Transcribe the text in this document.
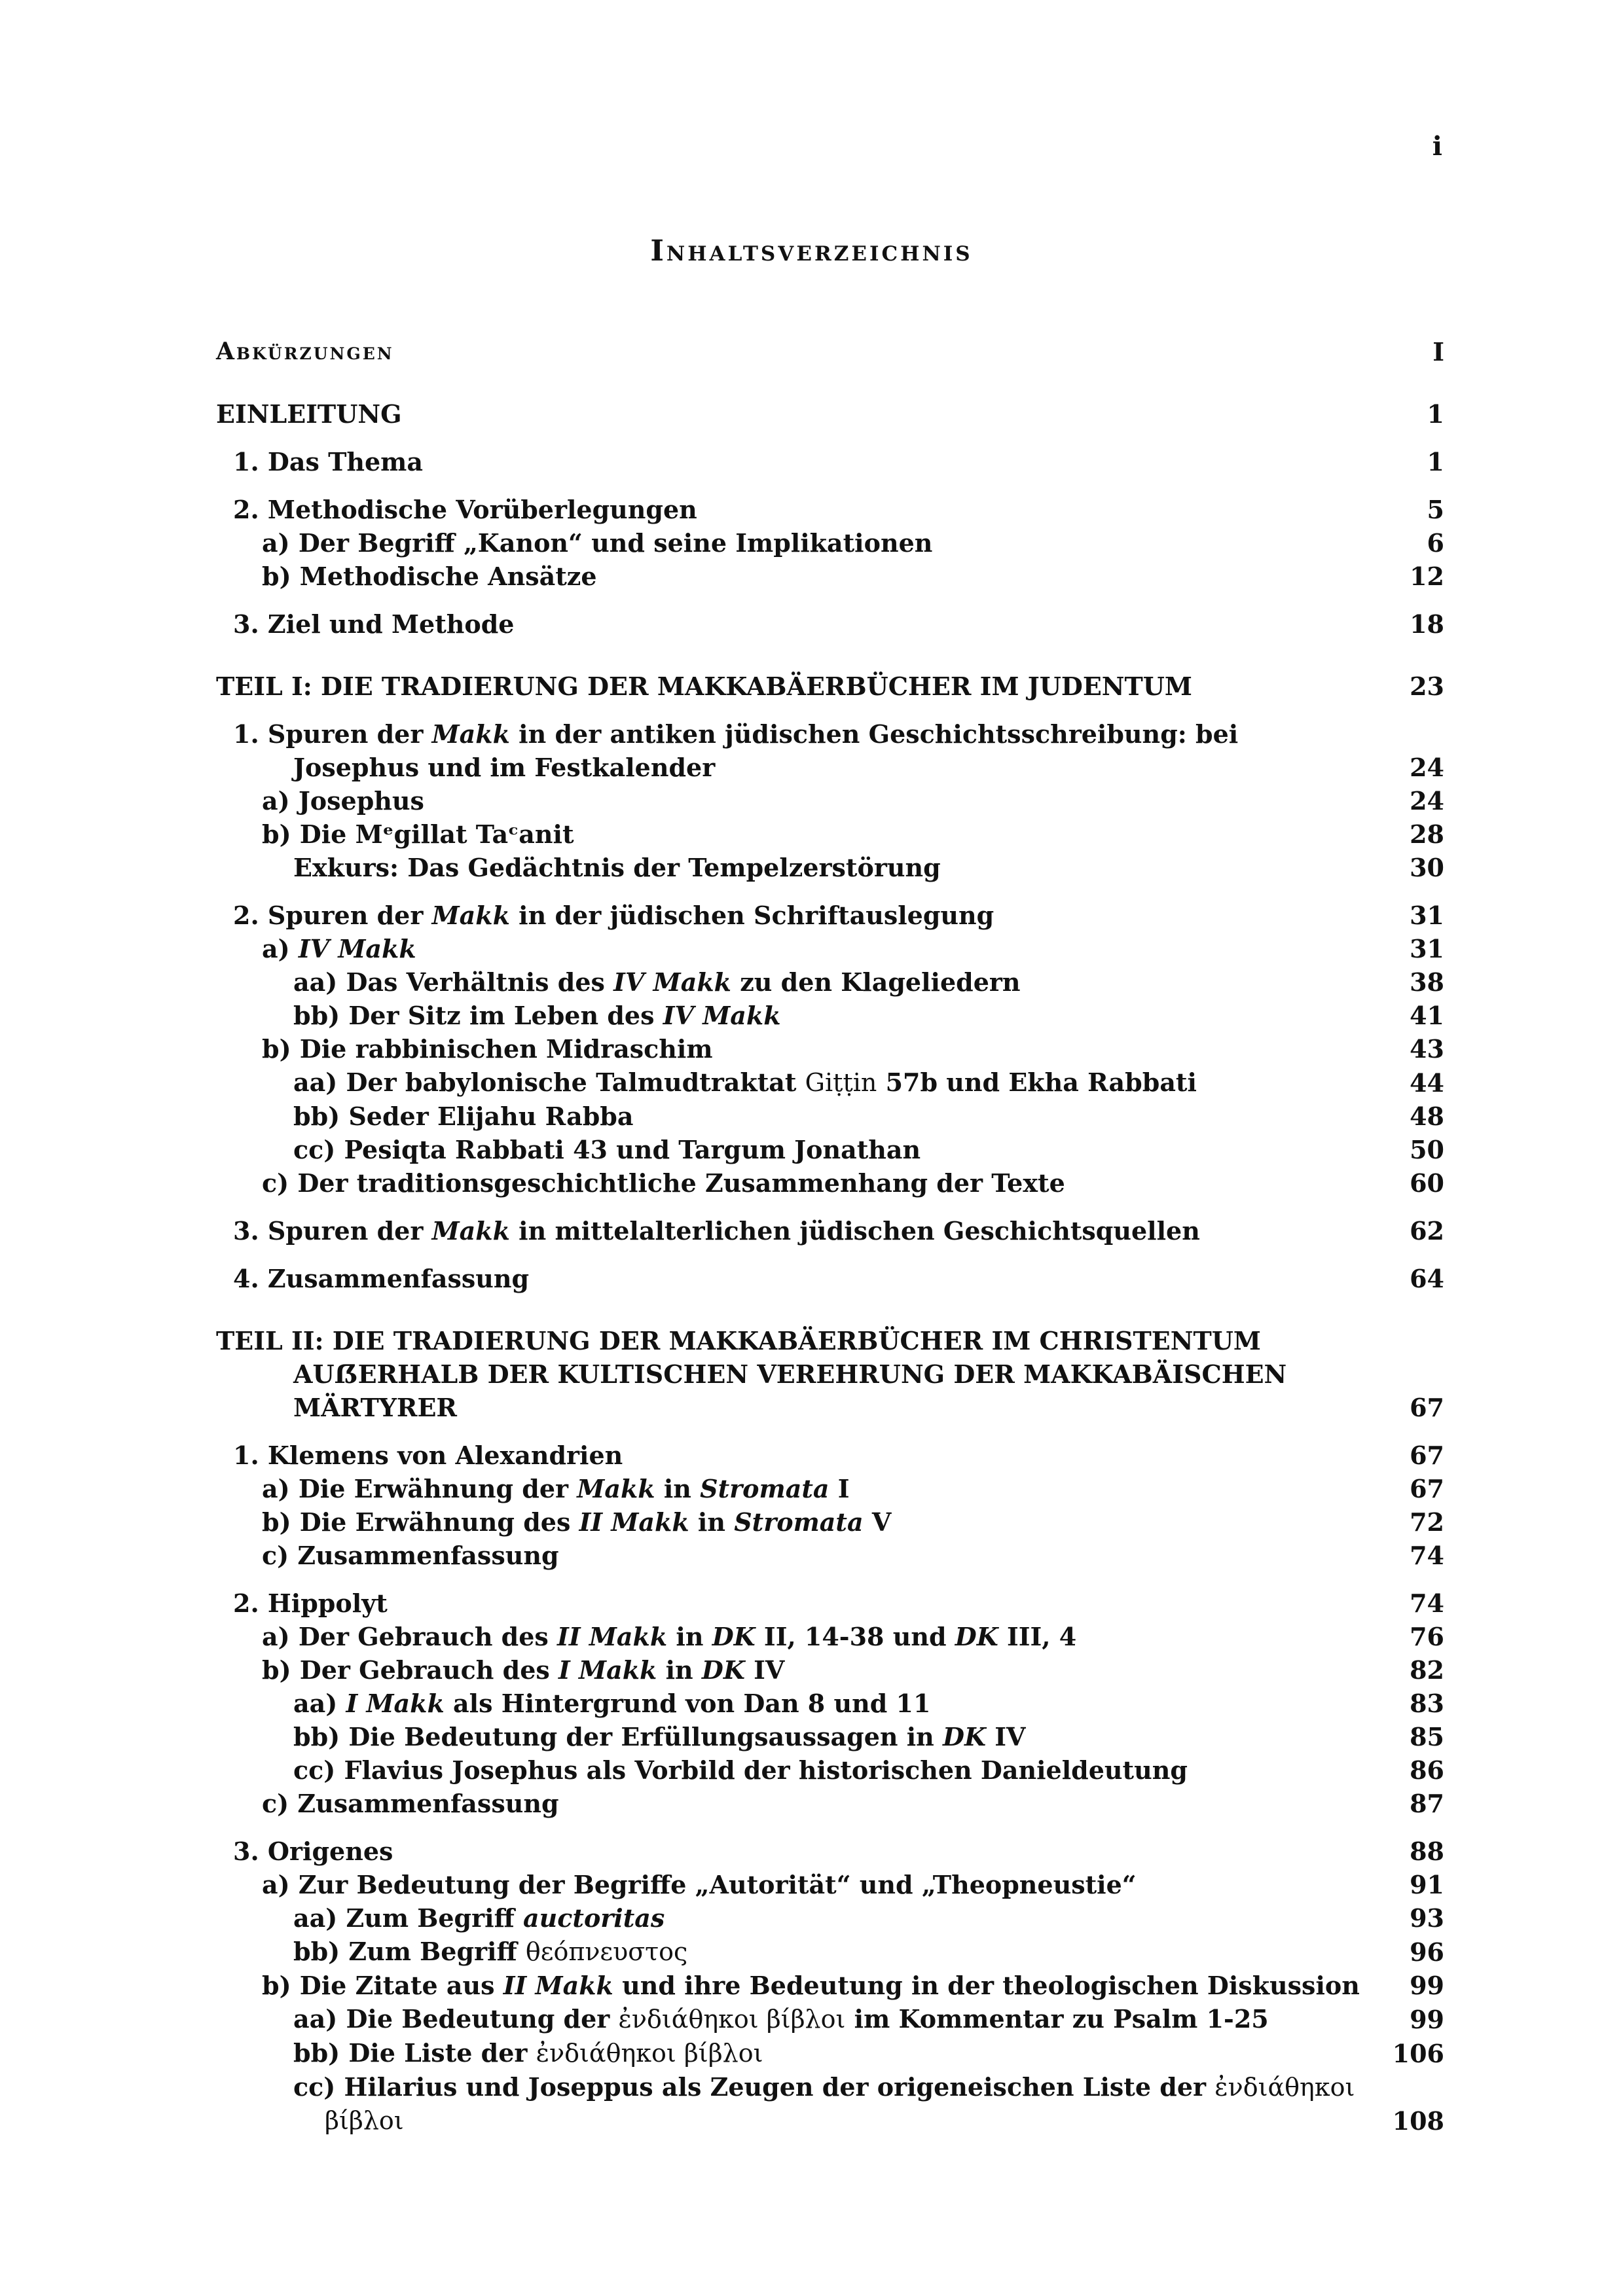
i
Inhaltsverzeichnis
Abkürzungen	I
EINLEITUNG	1
1. Das Thema	1
2. Methodische Vorüberlegungen	5
a) Der Begriff „Kanon“ und seine Implikationen	6
b) Methodische Ansätze	12
3. Ziel und Methode	18
TEIL I: DIE TRADIERUNG DER MAKKABÄERBÜCHER IM JUDENTUM	23
1. Spuren der Makk in der antiken jüdischen Geschichtsschreibung: bei
Josephus und im Festkalender	24
a) Josephus	24
b) Die Mᵉgillat Taᶜanit	28
Exkurs: Das Gedächtnis der Tempelzerstörung	30
2. Spuren der Makk in der jüdischen Schriftauslegung	31
a) IV Makk	31
aa) Das Verhältnis des IV Makk zu den Klageliedern	38
bb) Der Sitz im Leben des IV Makk	41
b) Die rabbinischen Midraschim	43
aa) Der babylonische Talmudtraktat Giṭṭin 57b und Ekha Rabbati	44
bb) Seder Elijahu Rabba	48
cc) Pesiqta Rabbati 43 und Targum Jonathan	50
c) Der traditionsgeschichtliche Zusammenhang der Texte	60
3. Spuren der Makk in mittelalterlichen jüdischen Geschichtsquellen	62
4. Zusammenfassung	64
TEIL II: DIE TRADIERUNG DER MAKKABÄERBÜCHER IM CHRISTENTUM
AUẞERHALB DER KULTISCHEN VEREHRUNG DER MAKKABÄISCHEN
MÄRTYRER	67
1. Klemens von Alexandrien	67
a) Die Erwähnung der Makk in Stromata I	67
b) Die Erwähnung des II Makk in Stromata V	72
c) Zusammenfassung	74
2. Hippolyt	74
a) Der Gebrauch des II Makk in DK II, 14-38 und DK III, 4	76
b) Der Gebrauch des I Makk in DK IV	82
aa) I Makk als Hintergrund von Dan 8 und 11	83
bb) Die Bedeutung der Erfüllungsaussagen in DK IV	85
cc) Flavius Josephus als Vorbild der historischen Danieldeutung	86
c) Zusammenfassung	87
3. Origenes	88
a) Zur Bedeutung der Begriffe „Autorität“ und „Theopneustie“	91
aa) Zum Begriff auctoritas	93
bb) Zum Begriff θεόπνευστος	96
b) Die Zitate aus II Makk und ihre Bedeutung in der theologischen Diskussion	99
aa) Die Bedeutung der ἐνδιάθηκοι βίβλοι im Kommentar zu Psalm 1-25	99
bb) Die Liste der ἐνδιάθηκοι βίβλοι	106
cc) Hilarius und Joseppus als Zeugen der origeneischen Liste der ἐνδιάθηκοι
βίβλοι	108
